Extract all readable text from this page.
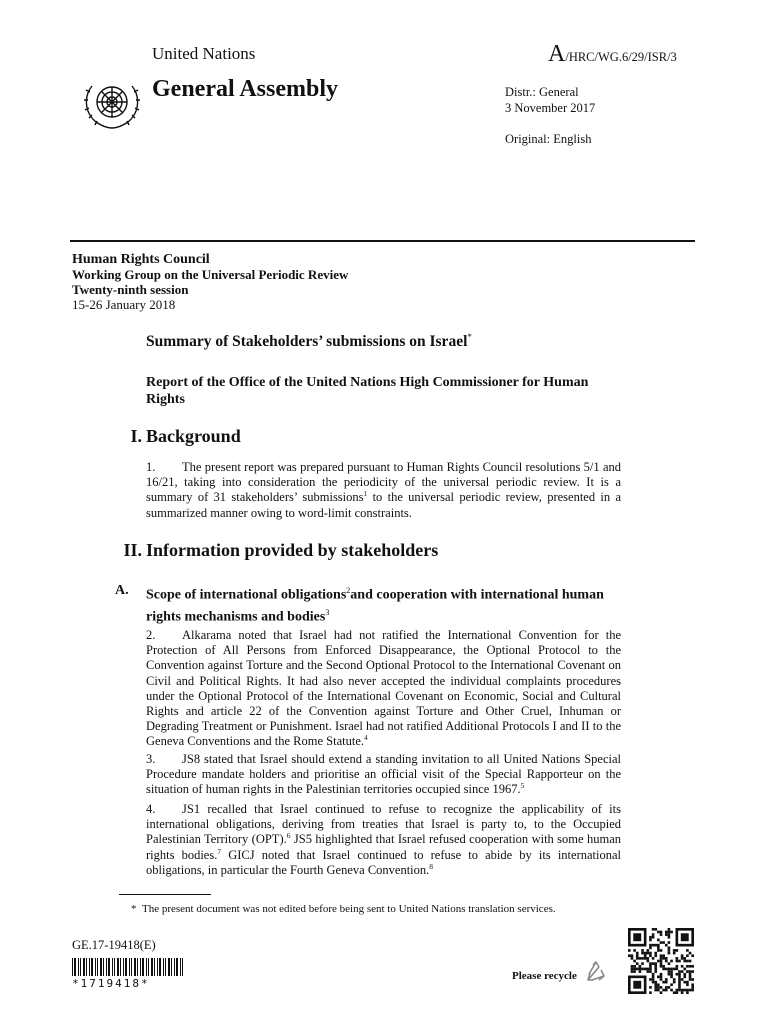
United Nations	A/HRC/WG.6/29/ISR/3
General Assembly	Distr.: General
3 November 2017
Original: English
Human Rights Council
Working Group on the Universal Periodic Review
Twenty-ninth session
15-26 January 2018
Summary of Stakeholders’ submissions on Israel*
Report of the Office of the United Nations High Commissioner for Human Rights
I. Background
1. The present report was prepared pursuant to Human Rights Council resolutions 5/1 and 16/21, taking into consideration the periodicity of the universal periodic review. It is a summary of 31 stakeholders’ submissions$^1$ to the universal periodic review, presented in a summarized manner owing to word-limit constraints.
II. Information provided by stakeholders
A. Scope of international obligations$^2$and cooperation with international human rights mechanisms and bodies$^3$
2. Alkarama noted that Israel had not ratified the International Convention for the Protection of All Persons from Enforced Disappearance, the Optional Protocol to the Convention against Torture and the Second Optional Protocol to the International Covenant on Civil and Political Rights. It had also never accepted the individual complaints procedures under the Optional Protocol of the International Covenant on Economic, Social and Cultural Rights and article 22 of the Convention against Torture and Other Cruel, Inhuman or Degrading Treatment or Punishment. Israel had not ratified Additional Protocols I and II to the Geneva Conventions and the Rome Statute.$^4$
3. JS8 stated that Israel should extend a standing invitation to all United Nations Special Procedure mandate holders and prioritise an official visit of the Special Rapporteur on the situation of human rights in the Palestinian territories occupied since 1967.$^5$
4. JS1 recalled that Israel continued to refuse to recognize the applicability of its international obligations, deriving from treaties that Israel is party to, to the Occupied Palestinian Territory (OPT).$^6$ JS5 highlighted that Israel refused cooperation with some human rights bodies.$^7$ GICJ noted that Israel continued to refuse to abide by its international obligations, in particular the Fourth Geneva Convention.$^8$
* The present document was not edited before being sent to United Nations translation services.
GE.17-19418(E)
*1719418*
Please recycle
